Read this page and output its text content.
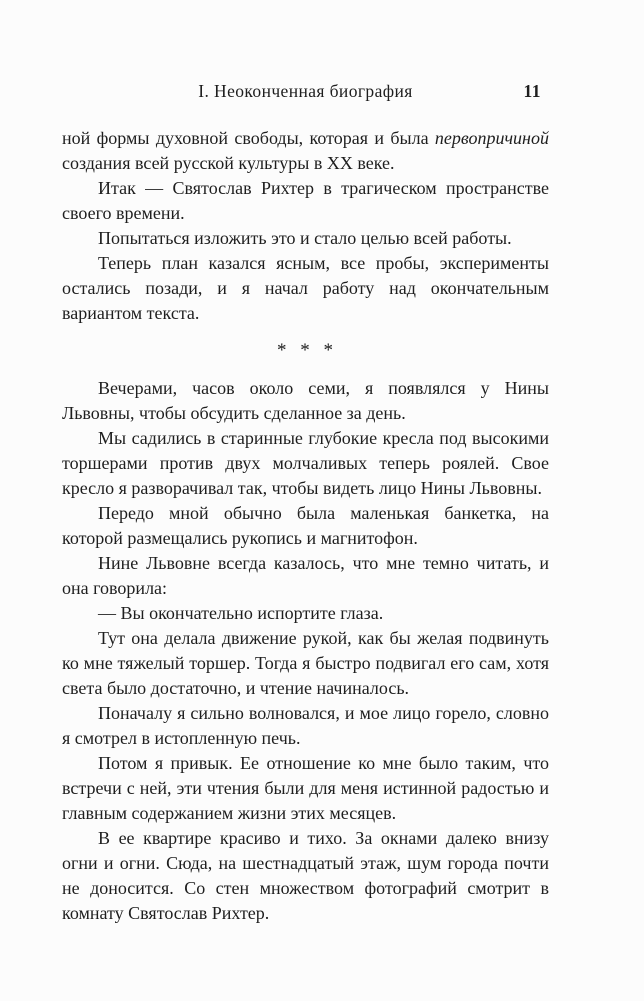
I. Неоконченная биография	11

ной формы духовной свободы, которая и была первопричиной создания всей русской культуры в XX веке.

Итак — Святослав Рихтер в трагическом пространстве своего времени.

Попытаться изложить это и стало целью всей работы.

Теперь план казался ясным, все пробы, эксперименты остались позади, и я начал работу над окончательным вариантом текста.

* * *

Вечерами, часов около семи, я появлялся у Нины Львовны, чтобы обсудить сделанное за день.

Мы садились в старинные глубокие кресла под высокими торшерами против двух молчаливых теперь роялей. Свое кресло я разворачивал так, чтобы видеть лицо Нины Львовны.

Передо мной обычно была маленькая банкетка, на которой размещались рукопись и магнитофон.

Нине Львовне всегда казалось, что мне темно читать, и она говорила:

— Вы окончательно испортите глаза.

Тут она делала движение рукой, как бы желая подвинуть ко мне тяжелый торшер. Тогда я быстро подвигал его сам, хотя света было достаточно, и чтение начиналось.

Поначалу я сильно волновался, и мое лицо горело, словно я смотрел в истопленную печь.

Потом я привык. Ее отношение ко мне было таким, что встречи с ней, эти чтения были для меня истинной радостью и главным содержанием жизни этих месяцев.

В ее квартире красиво и тихо. За окнами далеко внизу огни и огни. Сюда, на шестнадцатый этаж, шум города почти не доносится. Со стен множеством фотографий смотрит в комнату Святослав Рихтер.
